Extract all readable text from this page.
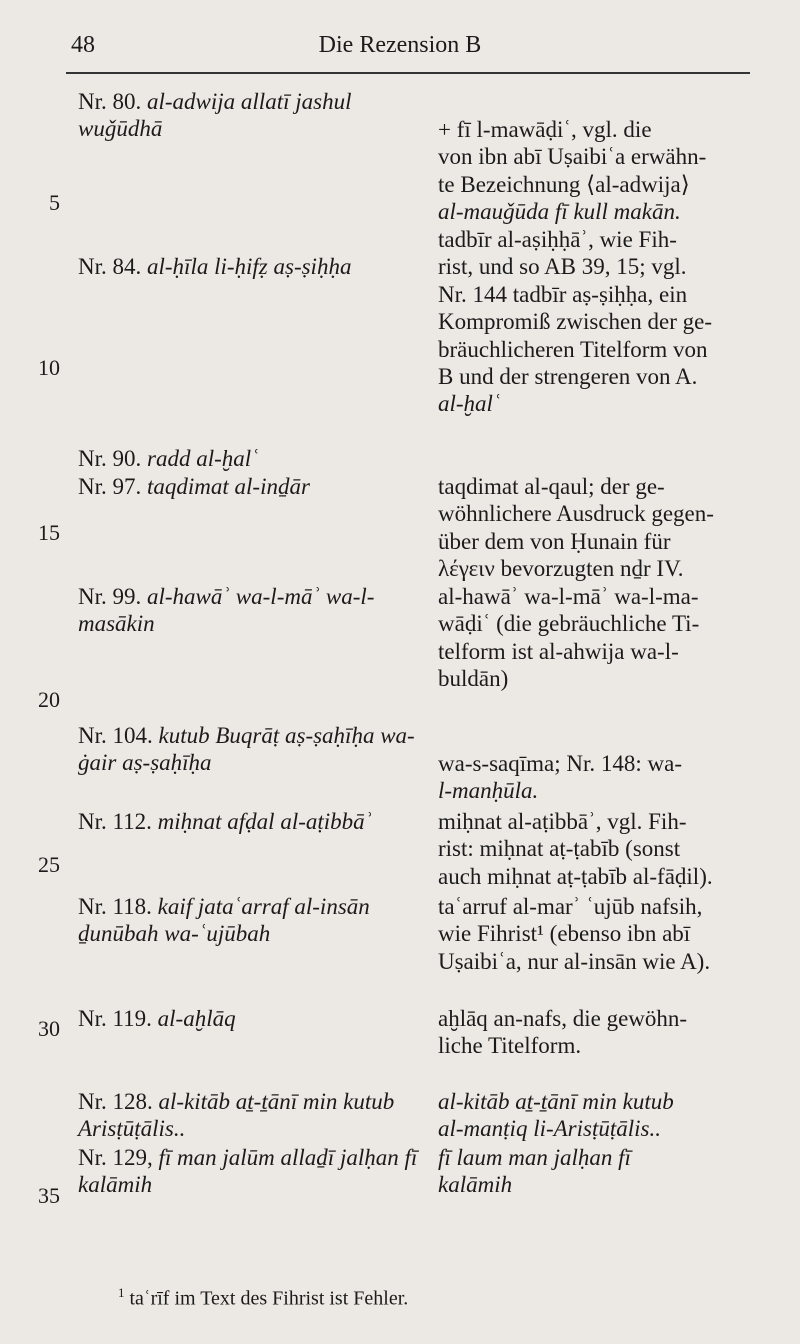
48	Die Rezension B
5
10
15
20
25
30
35
Nr. 80. al-adwija allatī jashul wuǧūdhā
Nr. 84. al-ḥīla li-ḥifẓ aṣ-ṣiḥḥa
Nr. 90. radd al-ḫalʿ
Nr. 97. taqdimat al-inḏār
Nr. 99. al-hawāʾ wa-l-māʾ wa-l-masākin
Nr. 104. kutub Buqrāṭ aṣ-ṣaḥīḥa wa-ġair aṣ-ṣaḥīḥa
Nr. 112. miḥnat afḍal al-aṭibbāʾ
Nr. 118. kaif jataʿarraf al-insān ḏunūbah wa-ʿujūbah
Nr. 119. al-aḫlāq
Nr. 128. al-kitāb aṯ-ṯānī min kutub Arisṭūṭālis..
Nr. 129, fī man jalūm allaḏī jalḥan fī kalāmih
+ fī l-mawāḍiʿ, vgl. die
von ibn abī Uṣaibiʿa erwähn-
te Bezeichnung ⟨al-adwija⟩
al-mauǧūda fī kull makān.
tadbīr al-aṣiḥḥāʾ, wie Fih-
rist, und so AB 39, 15; vgl.
Nr. 144 tadbīr aṣ-ṣiḥḥa, ein
Kompromiß zwischen der ge-
bräuchlicheren Titelform von
B und der strengeren von A.
al-ḫalʿ
taqdimat al-qaul; der ge-
wöhnlichere Ausdruck gegen-
über dem von Ḥunain für
λέγειν bevorzugten nḏr IV.
al-hawāʾ wa-l-māʾ wa-l-ma-
wāḍiʿ (die gebräuchliche Ti-
telform ist al-ahwija wa-l-
buldān)
wa-s-saqīma; Nr. 148: wa-
l-manḥūla.
miḥnat al-aṭibbāʾ, vgl. Fih-
rist: miḥnat aṭ-ṭabīb (sonst
auch miḥnat aṭ-ṭabīb al-fāḍil).
taʿarruf al-marʾ ʿujūb nafsih,
wie Fihrist¹ (ebenso ibn abī
Uṣaibiʿa, nur al-insān wie A).
aḫlāq an-nafs, die gewöhn-
liche Titelform.
al-kitāb aṯ-ṯānī min kutub
al-manṭiq li-Arisṭūṭālis..
fī laum man jalḥan fī
kalāmih
$^1$ taʿrīf im Text des Fihrist ist Fehler.
